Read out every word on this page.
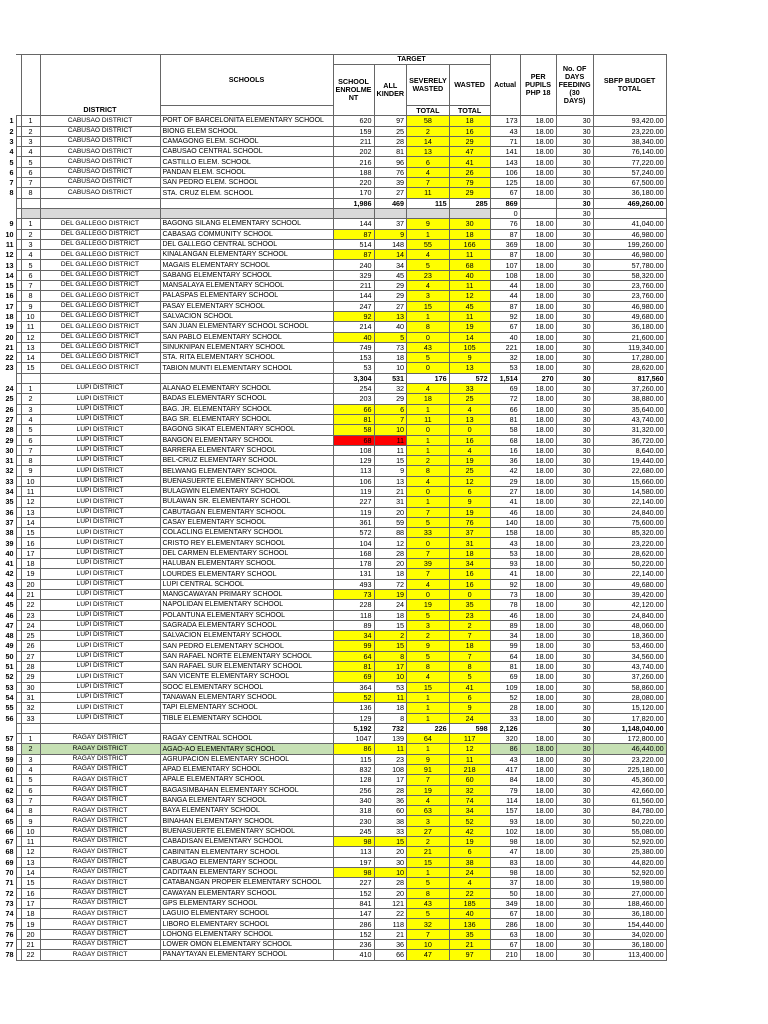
				SCHOOLS	TARGET				Actual	PER PUPILS PHP 18	No. OF DAYS FEEDING (30 DAYS)	SBFP BUDGET TOTAL
					SCHOOL ENROLME NT	ALL KINDER	SEVERELY WASTED	WASTED				
			DISTRICT				TOTAL	TOTAL				
1		1	CABUSAO DISTRICT	PORT OF BARCELONITA ELEMENTARY SCHOOL	620	97	58	18	173	18.00	30	93,420.00
2		2	CABUSAO DISTRICT	BIONG ELEM SCHOOL	159	25	2	16	43	18.00	30	23,220.00
3		3	CABUSAO DISTRICT	CAMAGONG ELEM. SCHOOL	211	28	14	29	71	18.00	30	38,340.00
4		4	CABUSAO DISTRICT	CABUSAO CENTRAL SCHOOL	202	81	13	47	141	18.00	30	76,140.00
5		5	CABUSAO DISTRICT	CASTILLO ELEM. SCHOOL	216	96	6	41	143	18.00	30	77,220.00
6		6	CABUSAO DISTRICT	PANDAN ELEM. SCHOOL	188	76	4	26	106	18.00	30	57,240.00
7		7	CABUSAO DISTRICT	SAN PEDRO ELEM. SCHOOL	220	39	7	79	125	18.00	30	67,500.00
8		8	CABUSAO DISTRICT	STA. CRUZ ELEM. SCHOOL	170	27	11	29	67	18.00	30	36,180.00
					1,986	469	115	285	869		30	469,260.00
									0		30	
9		1	DEL GALLEGO DISTRICT	BAGONG SILANG ELEMENTARY SCHOOL	144	37	9	30	76	18.00	30	41,040.00
10		2	DEL GALLEGO DISTRICT	CABASAG COMMUNITY SCHOOL	87	9	1	18	87	18.00	30	46,980.00
11		3	DEL GALLEGO DISTRICT	DEL GALLEGO CENTRAL SCHOOL	514	148	55	166	369	18.00	30	199,260.00
12		4	DEL GALLEGO DISTRICT	KINALANGAN ELEMENTARY SCHOOL	87	14	4	11	87	18.00	30	46,980.00
13		5	DEL GALLEGO DISTRICT	MAGAIS ELEMENTARY SCHOOL	240	34	5	68	107	18.00	30	57,780.00
14		6	DEL GALLEGO DISTRICT	SABANG ELEMENTARY SCHOOL	329	45	23	40	108	18.00	30	58,320.00
15		7	DEL GALLEGO DISTRICT	MANSALAYA ELEMENTARY SCHOOL	211	29	4	11	44	18.00	30	23,760.00
16		8	DEL GALLEGO DISTRICT	PALASPAS ELEMENTARY SCHOOL	144	29	3	12	44	18.00	30	23,760.00
17		9	DEL GALLEGO DISTRICT	PASAY ELEMENTARY SCHOOL	247	27	15	45	87	18.00	30	46,980.00
18		10	DEL GALLEGO DISTRICT	SALVACION SCHOOL	92	13	1	11	92	18.00	30	49,680.00
19		11	DEL GALLEGO DISTRICT	SAN JUAN ELEMENTARY SCHOOL SCHOOL	214	40	8	19	67	18.00	30	36,180.00
20		12	DEL GALLEGO DISTRICT	SAN PABLO ELEMENTARY SCHOOL	40	5	0	14	40	18.00	30	21,600.00
21		13	DEL GALLEGO DISTRICT	SINUKNIPAN ELEMENTARY SCHOOL	749	73	43	105	221	18.00	30	119,340.00
22		14	DEL GALLEGO DISTRICT	STA. RITA ELEMENTARY SCHOOL	153	18	5	9	32	18.00	30	17,280.00
23		15	DEL GALLEGO DISTRICT	TABION MUNTI ELEMENTARY SCHOOL	53	10	0	13	53	18.00	30	28,620.00
					3,304	531	176	572	1,514	270	30	817,560
24		1	LUPI DISTRICT	ALANAO ELEMENTARY SCHOOL	254	32	4	33	69	18.00	30	37,260.00
25		2	LUPI DISTRICT	BADAS ELEMENTARY SCHOOL	203	29	18	25	72	18.00	30	38,880.00
26		3	LUPI DISTRICT	BAG. JR. ELEMENTARY SCHOOL	66	6	1	4	66	18.00	30	35,640.00
27		4	LUPI DISTRICT	BAG SR. ELEMENTARY SCHOOL	81	7	11	13	81	18.00	30	43,740.00
28		5	LUPI DISTRICT	BAGONG SIKAT ELEMENTARY SCHOOL	58	10	0	0	58	18.00	30	31,320.00
29		6	LUPI DISTRICT	BANGON ELEMENTARY SCHOOL	68	11	1	16	68	18.00	30	36,720.00
30		7	LUPI DISTRICT	BARRERA ELEMENTARY SCHOOL	108	11	1	4	16	18.00	30	8,640.00
31		8	LUPI DISTRICT	BEL-CRUZ ELEMENTARY SCHOOL	129	15	2	19	36	18.00	30	19,440.00
32		9	LUPI DISTRICT	BELWANG ELEMENTARY SCHOOL	113	9	8	25	42	18.00	30	22,680.00
33		10	LUPI DISTRICT	BUENASUERTE ELEMENTARY SCHOOL	106	13	4	12	29	18.00	30	15,660.00
34		11	LUPI DISTRICT	BULAGWIN ELEMENTARY SCHOOL	119	21	0	6	27	18.00	30	14,580.00
35		12	LUPI DISTRICT	BULAWAN SR. ELEMENTARY SCHOOL	227	31	1	9	41	18.00	30	22,140.00
36		13	LUPI DISTRICT	CABUTAGAN ELEMENTARY SCHOOL	119	20	7	19	46	18.00	30	24,840.00
37		14	LUPI DISTRICT	CASAY ELEMENTARY SCHOOL	361	59	5	76	140	18.00	30	75,600.00
38		15	LUPI DISTRICT	COLACLING ELEMENTARY SCHOOL	572	88	33	37	158	18.00	30	85,320.00
39		16	LUPI DISTRICT	CRISTO REY ELEMENTARY SCHOOL	104	12	0	31	43	18.00	30	23,220.00
40		17	LUPI DISTRICT	DEL CARMEN ELEMENTARY SCHOOL	168	28	7	18	53	18.00	30	28,620.00
41		18	LUPI DISTRICT	HALUBAN ELEMENTARY SCHOOL	178	20	39	34	93	18.00	30	50,220.00
42		19	LUPI DISTRICT	LOURDES ELEMENTARY SCHOOL	131	18	7	16	41	18.00	30	22,140.00
43		20	LUPI DISTRICT	LUPI CENTRAL SCHOOL	493	72	4	16	92	18.00	30	49,680.00
44		21	LUPI DISTRICT	MANGCAWAYAN PRIMARY SCHOOL	73	19	0	0	73	18.00	30	39,420.00
45		22	LUPI DISTRICT	NAPOLIDAN ELEMENTARY SCHOOL	228	24	19	35	78	18.00	30	42,120.00
46		23	LUPI DISTRICT	POLANTUNA ELEMENTARY SCHOOL	118	18	5	23	46	18.00	30	24,840.00
47		24	LUPI DISTRICT	SAGRADA ELEMENTARY SCHOOL	89	15	3	2	89	18.00	30	48,060.00
48		25	LUPI DISTRICT	SALVACION ELEMENTARY SCHOOL	34	2	2	7	34	18.00	30	18,360.00
49		26	LUPI DISTRICT	SAN PEDRO ELEMENTARY SCHOOL	99	15	9	18	99	18.00	30	53,460.00
50		27	LUPI DISTRICT	SAN RAFAEL NORTE ELEMENTARY SCHOOL	64	8	5	7	64	18.00	30	34,560.00
51		28	LUPI DISTRICT	SAN RAFAEL SUR ELEMENTARY SCHOOL	81	17	8	8	81	18.00	30	43,740.00
52		29	LUPI DISTRICT	SAN VICENTE ELEMENTARY SCHOOL	69	10	4	5	69	18.00	30	37,260.00
53		30	LUPI DISTRICT	SOOC ELEMENTARY SCHOOL	364	53	15	41	109	18.00	30	58,860.00
54		31	LUPI DISTRICT	TANAWAN ELEMENTARY SCHOOL	52	11	1	6	52	18.00	30	28,080.00
55		32	LUPI DISTRICT	TAPI ELEMENTARY SCHOOL	136	18	1	9	28	18.00	30	15,120.00
56		33	LUPI DISTRICT	TIBLE ELEMENTARY SCHOOL	129	8	1	24	33	18.00	30	17,820.00
					5,192	732	226	598	2,126		30	1,148,040.00
57		1	RAGAY DISTRICT	RAGAY CENTRAL SCHOOL	1047	139	64	117	320	18.00	30	172,800.00
58		2	RAGAY DISTRICT	AGAO-AO ELEMENTARY SCHOOL	86	11	1	12	86	18.00	30	46,440.00
59		3	RAGAY DISTRICT	AGRUPACION ELEMENTARY SCHOOL	115	23	9	11	43	18.00	30	23,220.00
60		4	RAGAY DISTRICT	APAD ELEMENTARY SCHOOL	832	108	91	218	417	18.00	30	225,180.00
61		5	RAGAY DISTRICT	APALE ELEMENTARY SCHOOL	128	17	7	60	84	18.00	30	45,360.00
62		6	RAGAY DISTRICT	BAGASIMBAHAN ELEMENTARY SCHOOL	256	28	19	32	79	18.00	30	42,660.00
63		7	RAGAY DISTRICT	BANGA ELEMENTARY SCHOOL	340	36	4	74	114	18.00	30	61,560.00
64		8	RAGAY DISTRICT	BAYA ELEMENTARY SCHOOL	318	60	63	34	157	18.00	30	84,780.00
65		9	RAGAY DISTRICT	BINAHAN ELEMENTARY SCHOOL	230	38	3	52	93	18.00	30	50,220.00
66		10	RAGAY DISTRICT	BUENASUERTE ELEMENTARY SCHOOL	245	33	27	42	102	18.00	30	55,080.00
67		11	RAGAY DISTRICT	CABADISAN ELEMENTARY SCHOOL	98	15	2	19	98	18.00	30	52,920.00
68		12	RAGAY DISTRICT	CABINITAN ELEMENTARY SCHOOL	113	20	21	6	47	18.00	30	25,380.00
69		13	RAGAY DISTRICT	CABUGAO ELEMENTARY SCHOOL	197	30	15	38	83	18.00	30	44,820.00
70		14	RAGAY DISTRICT	CADITAAN ELEMENTARY SCHOOL	98	10	1	24	98	18.00	30	52,920.00
71		15	RAGAY DISTRICT	CATABANGAN PROPER ELEMENTARY SCHOOL	227	28	5	4	37	18.00	30	19,980.00
72		16	RAGAY DISTRICT	CAWAYAN ELEMENTARY SCHOOL	152	20	8	22	50	18.00	30	27,000.00
73		17	RAGAY DISTRICT	GPS ELEMENTARY SCHOOL	841	121	43	185	349	18.00	30	188,460.00
74		18	RAGAY DISTRICT	LAGUIO ELEMENTARY SCHOOL	147	22	5	40	67	18.00	30	36,180.00
75		19	RAGAY DISTRICT	LIBORO ELEMENTARY SCHOOL	286	118	32	136	286	18.00	30	154,440.00
76		20	RAGAY DISTRICT	LOHONG ELEMENTARY SCHOOL	152	21	7	35	63	18.00	30	34,020.00
77		21	RAGAY DISTRICT	LOWER OMON ELEMENTARY SCHOOL	236	36	10	21	67	18.00	30	36,180.00
78		22	RAGAY DISTRICT	PANAYTAYAN ELEMENTARY SCHOOL	410	66	47	97	210	18.00	30	113,400.00
